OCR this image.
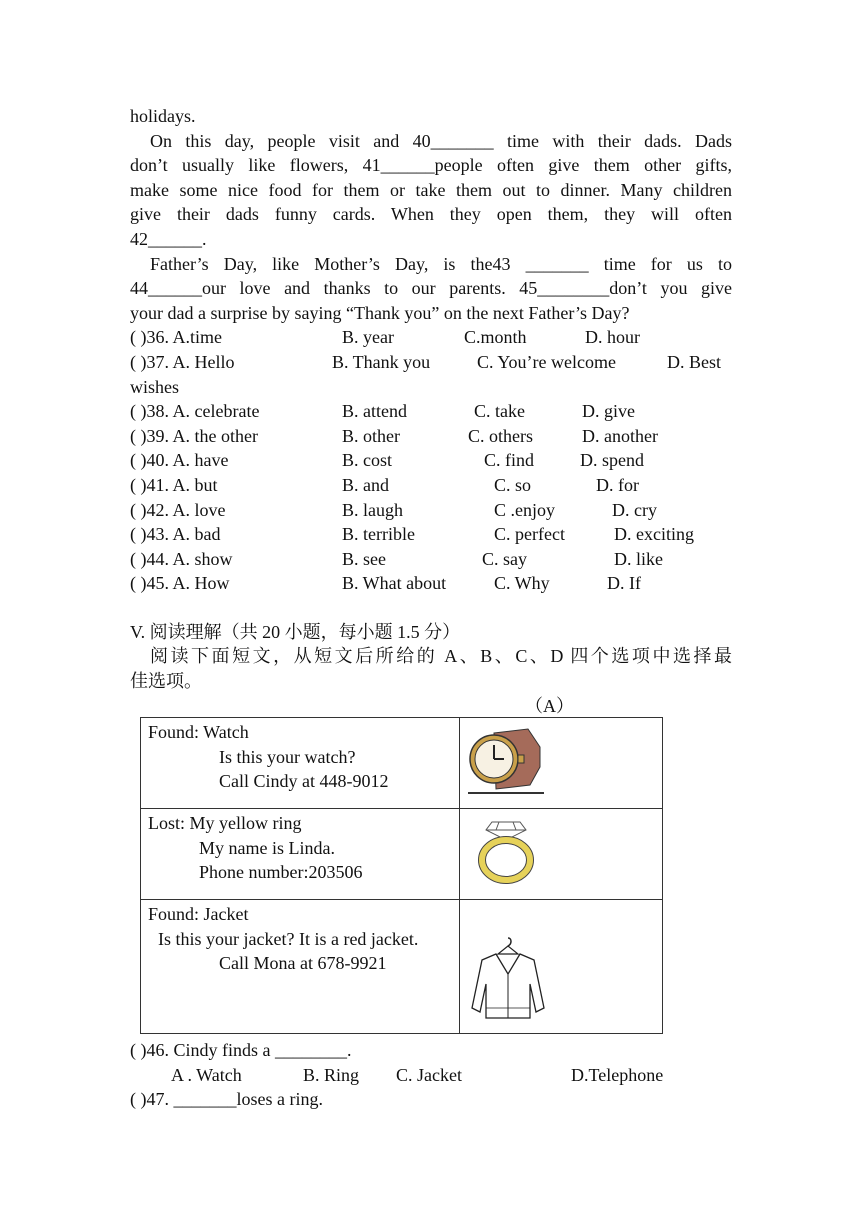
holidays.
On this day, people visit and 40_______ time with their dads. Dads
don’t usually like flowers, 41______people often give them other gifts,
make some nice food for them or take them out to dinner. Many children
give their dads funny cards. When they open them, they will often
42______.
Father’s Day, like Mother’s Day, is the43 _______ time for us to
44______our love and thanks to our parents. 45________don’t you give
your dad a surprise by saying “Thank you” on the next Father’s Day?
( )36. A.time	B. year	C.month	D. hour
( )37. A. Hello	B. Thank you	C. You’re welcome	D. Best
wishes
( )38. A. celebrate	B. attend	C. take	D. give
( )39. A. the other	B. other	C. others	D. another
( )40. A. have	B. cost	C. find	D. spend
( )41. A. but	B. and	C. so	D. for
( )42. A. love	B. laugh	C .enjoy	D. cry
( )43. A. bad	B. terrible	C. perfect	D. exciting
( )44. A. show	B. see	C. say	D. like
( )45. A. How	B. What about	C. Why	D. If
V. 阅读理解（共 20 小题，每小题 1.5 分）
阅读下面短文，从短文后所给的 A、B、C、D 四个选项中选择最
佳选项。
（A）
Found: Watch
Is this your watch?
Call Cindy at 448-9012

Lost: My yellow ring
My name is Linda.
Phone number:203506

Found: Jacket
Is this your jacket? It is a red jacket.
Call Mona at 678-9921

( )46. Cindy finds a ________.
A . Watch	B. Ring C. Jacket	D.Telephone
( )47. _______loses a ring.
